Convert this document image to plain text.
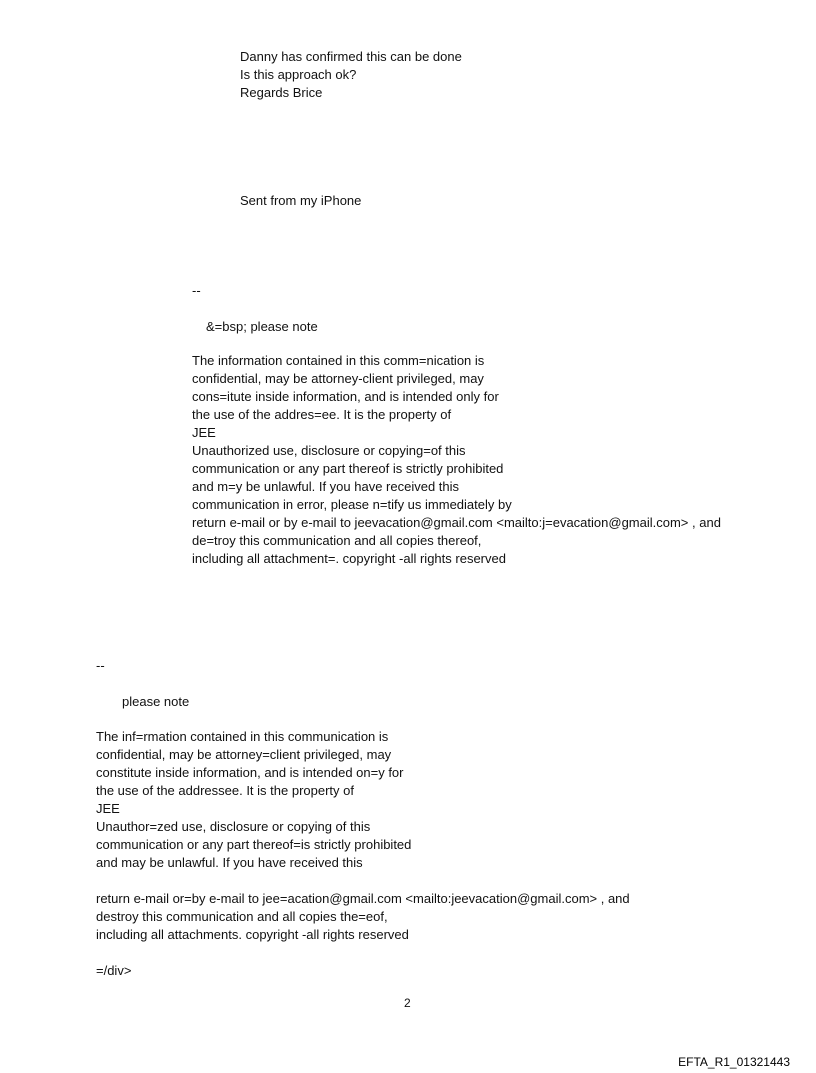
Danny has confirmed this can be done
Is this approach ok?
Regards Brice
Sent from my iPhone
--
&=bsp; please note
The information contained in this comm=nication is
confidential, may be attorney-client privileged, may
cons=itute inside information, and is intended only for
the use of the addres=ee. It is the property of
JEE
Unauthorized use, disclosure or copying=of this
communication or any part thereof is strictly prohibited
and m=y be unlawful. If you have received this
communication in error, please n=tify us immediately by
return e-mail or by e-mail to jeevacation@gmail.com <mailto:j=evacation@gmail.com> , and
de=troy this communication and all copies thereof,
including all attachment=. copyright -all rights reserved
--
please note
The inf=rmation contained in this communication is
confidential, may be attorney=client privileged, may
constitute inside information, and is intended on=y for
the use of the addressee. It is the property of
JEE
Unauthor=zed use, disclosure or copying of this
communication or any part thereof=is strictly prohibited
and may be unlawful. If you have received this
return e-mail or=by e-mail to jee=acation@gmail.com <mailto:jeevacation@gmail.com> , and
destroy this communication and all copies the=eof,
including all attachments. copyright -all rights reserved
=/div>
2
EFTA_R1_01321443
